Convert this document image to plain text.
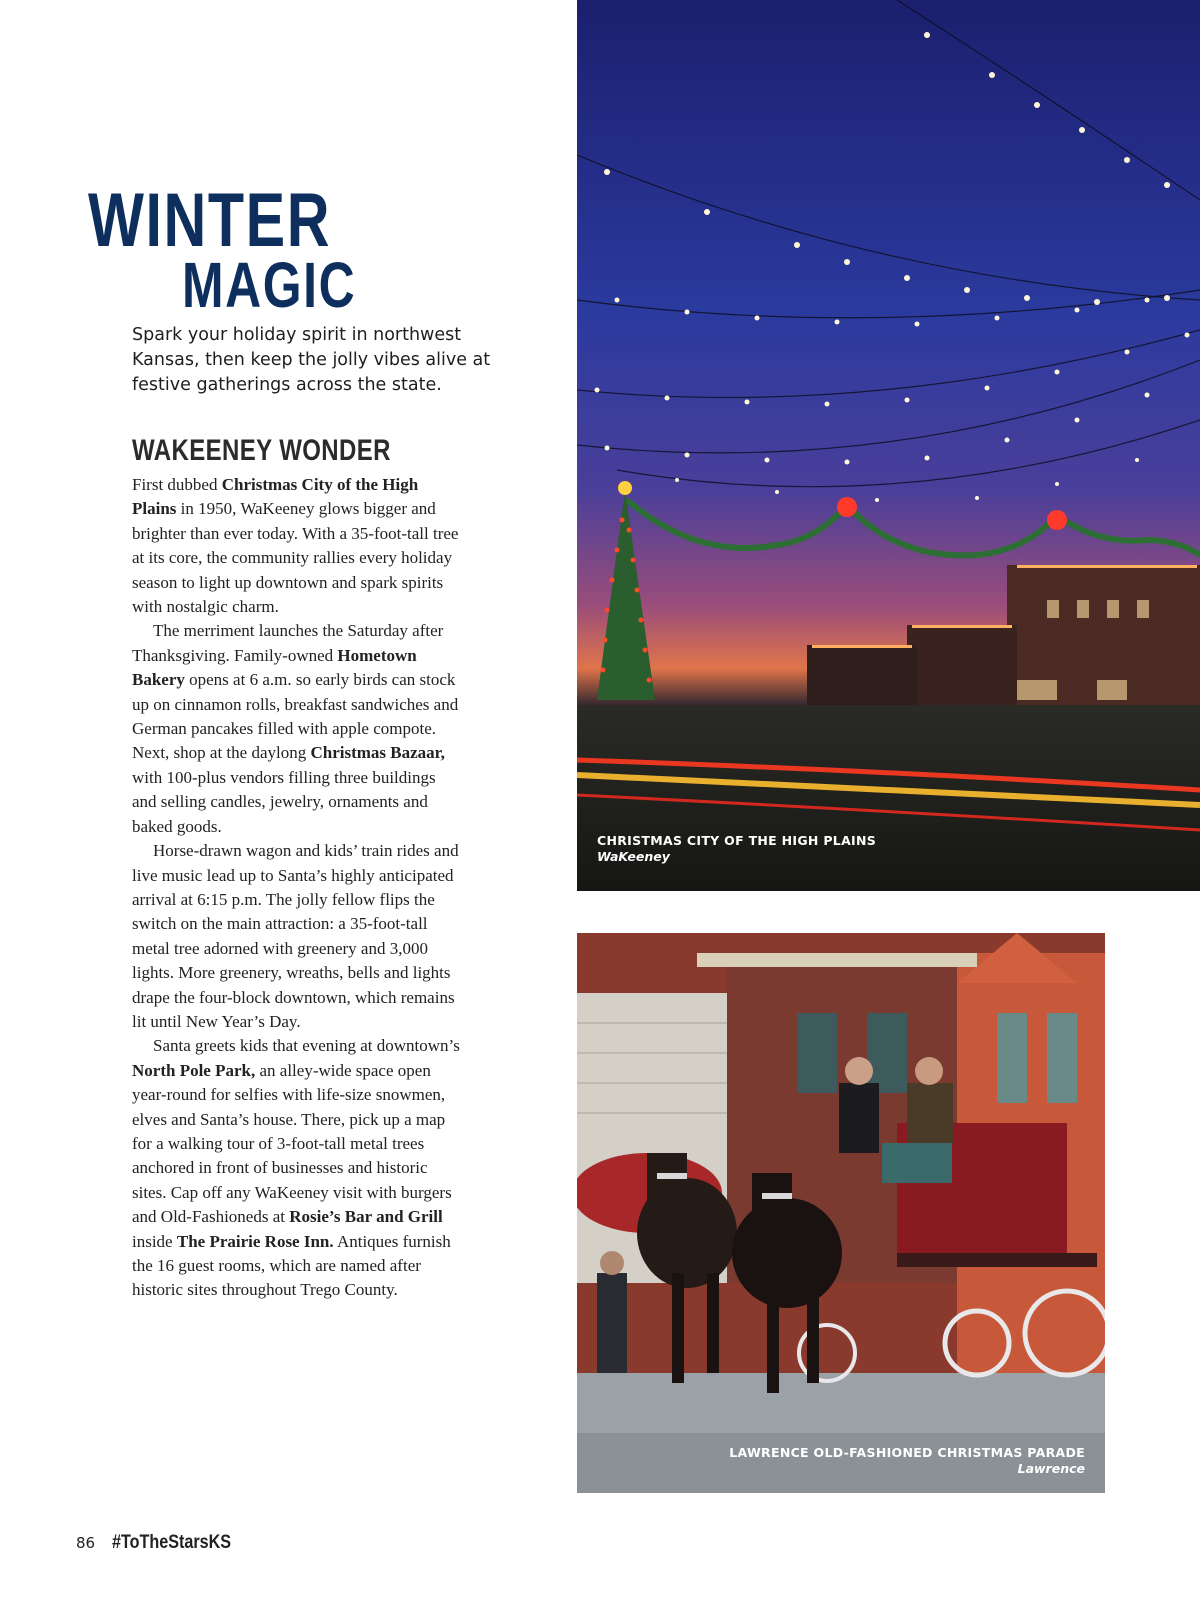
WINTER
MAGIC

Spark your holiday spirit in northwest Kansas, then keep the jolly vibes alive at festive gatherings across the state.

WAKEENEY WONDER

First dubbed Christmas City of the High Plains in 1950, WaKeeney glows bigger and brighter than ever today. With a 35-foot-tall tree at its core, the community rallies every holiday season to light up downtown and spark spirits with nostalgic charm.

The merriment launches the Saturday after Thanksgiving. Family-owned Hometown Bakery opens at 6 a.m. so early birds can stock up on cinnamon rolls, breakfast sandwiches and German pancakes filled with apple compote. Next, shop at the daylong Christmas Bazaar, with 100-plus vendors filling three buildings and selling candles, jewelry, ornaments and baked goods.

Horse-drawn wagon and kids’ train rides and live music lead up to Santa’s highly anticipated arrival at 6:15 p.m. The jolly fellow flips the switch on the main attraction: a 35-foot-tall metal tree adorned with greenery and 3,000 lights. More greenery, wreaths, bells and lights drape the four-block downtown, which remains lit until New Year’s Day.

Santa greets kids that evening at downtown’s North Pole Park, an alley-wide space open year-round for selfies with life-size snowmen, elves and Santa’s house. There, pick up a map for a walking tour of 3-foot-tall metal trees anchored in front of businesses and historic sites. Cap off any WaKeeney visit with burgers and Old-Fashioneds at Rosie’s Bar and Grill inside The Prairie Rose Inn. Antiques furnish the 16 guest rooms, which are named after historic sites throughout Trego County.

CHRISTMAS CITY OF THE HIGH PLAINS
WaKeeney
LAWRENCE OLD-FASHIONED CHRISTMAS PARADE
Lawrence
86 #ToTheStarsKS
